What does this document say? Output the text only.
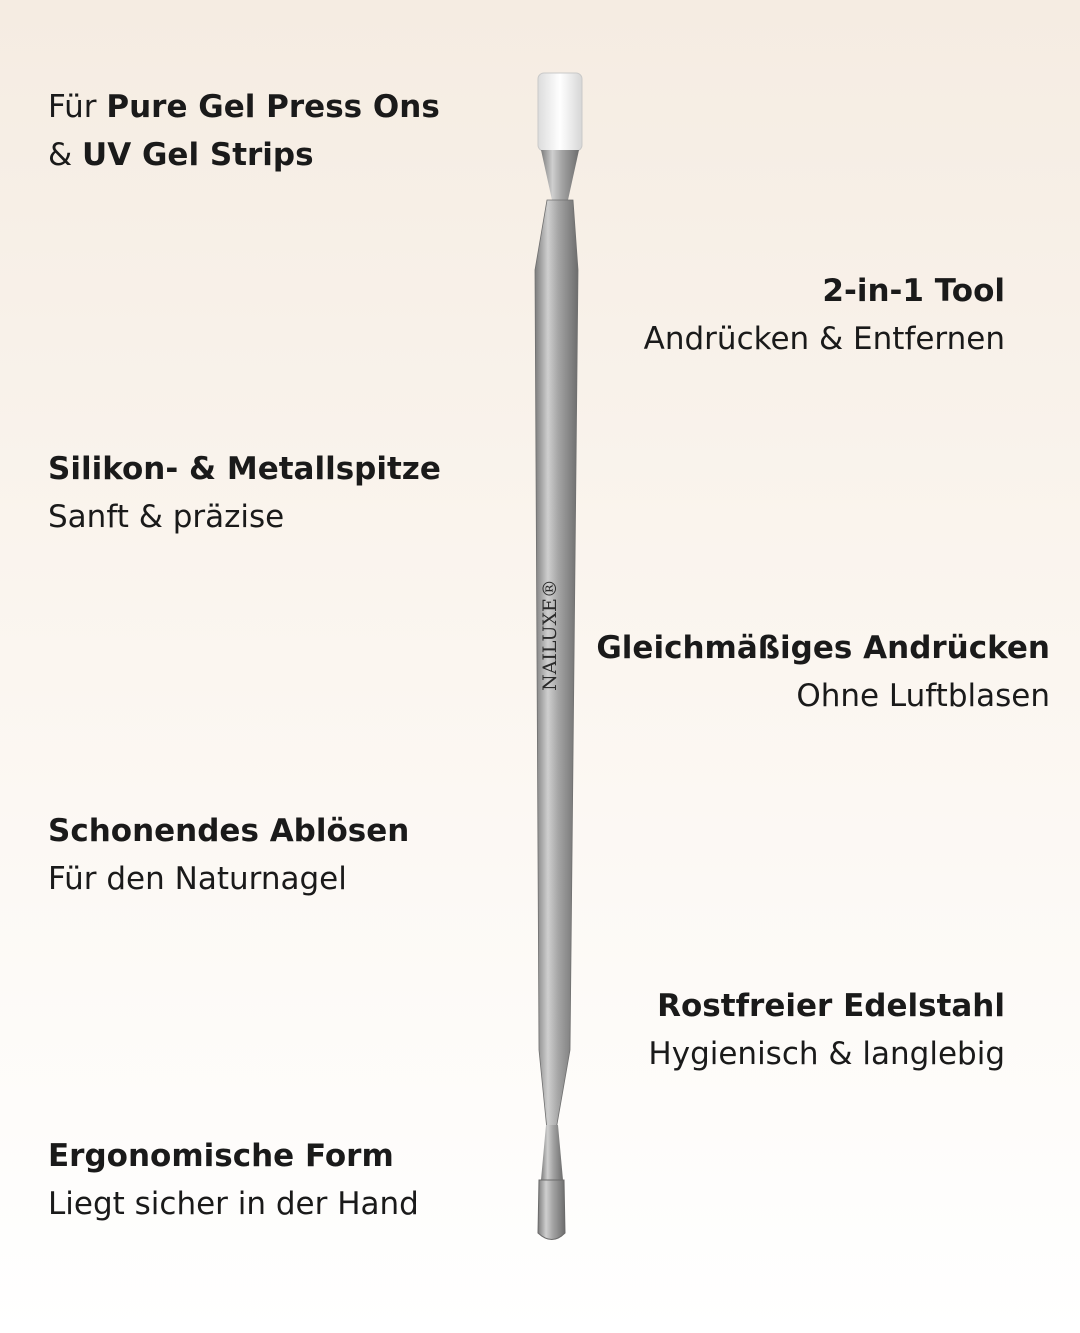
Für Pure Gel Press Ons
& UV Gel Strips
2-in-1 Tool
Andrücken & Entfernen
Silikon- & Metallspitze
Sanft & präzise
Gleichmäßiges Andrücken
Ohne Luftblasen
Schonendes Ablösen
Für den Naturnagel
Rostfreier Edelstahl
Hygienisch & langlebig
Ergonomische Form
Liegt sicher in der Hand
NAILUXE®
